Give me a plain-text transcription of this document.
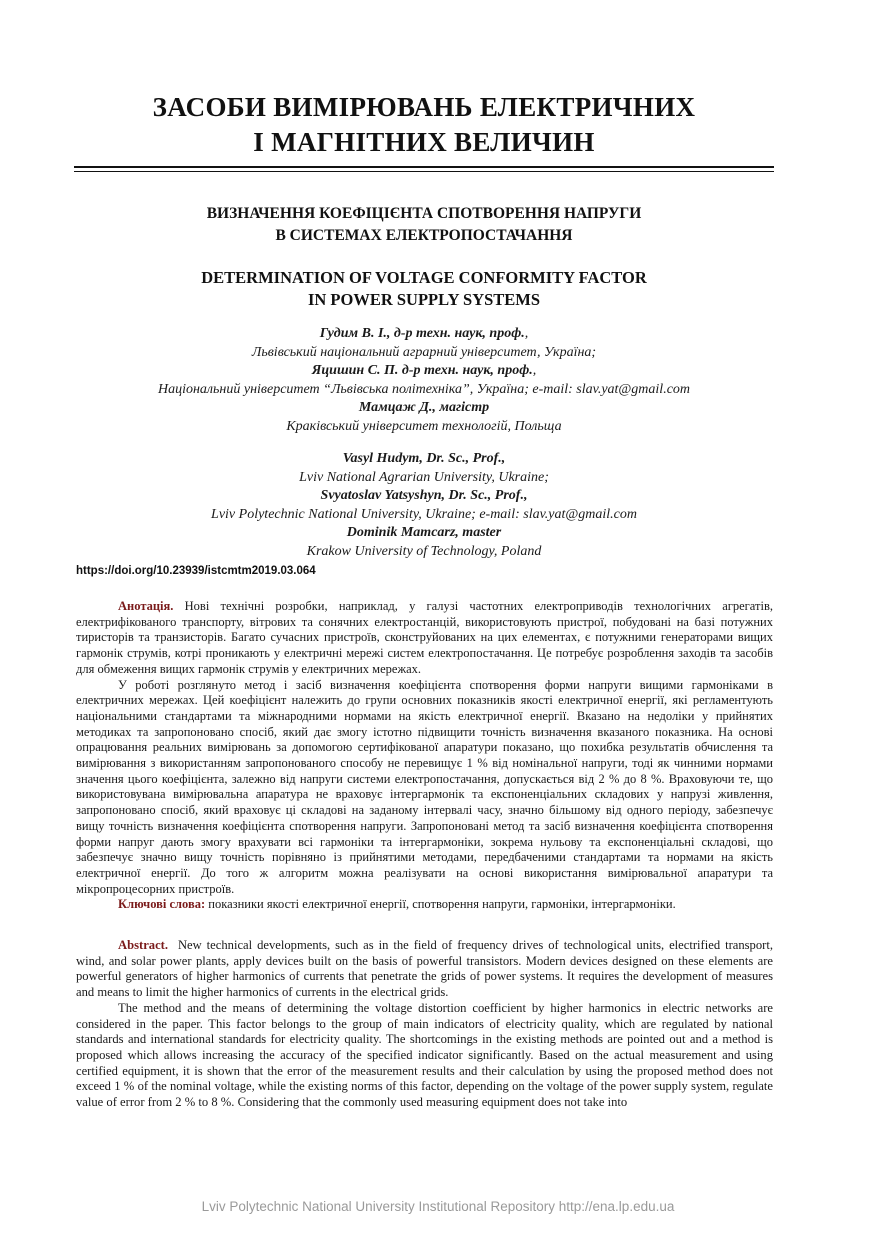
ЗАСОБИ ВИМІРЮВАНЬ ЕЛЕКТРИЧНИХ
І МАГНІТНИХ ВЕЛИЧИН
ВИЗНАЧЕННЯ КОЕФІЦІЄНТА СПОТВОРЕННЯ НАПРУГИ
В СИСТЕМАХ ЕЛЕКТРОПОСТАЧАННЯ
DETERMINATION OF VOLTAGE CONFORMITY FACTOR
IN POWER SUPPLY SYSTEMS
Гудим В. І., д-р техн. наук, проф.,
Львівський національний аграрний університет, Україна;
Яцишин С. П. д-р техн. наук, проф.,
Національний університет “Львівська політехніка”, Україна; e-mail: slav.yat@gmail.com
Мамцаж Д., магістр
Краківський університет технологій, Польща
Vasyl Hudym, Dr. Sc., Prof.,
Lviv National Agrarian University, Ukraine;
Svyatoslav Yatsyshyn, Dr. Sc., Prof.,
Lviv Polytechnic National University, Ukraine; e-mail: slav.yat@gmail.com
Dominik Mamcarz, master
Krakow University of Technology, Poland
https://doi.org/10.23939/istcmtm2019.03.064

Анотація. Нові технічні розробки, наприклад, у галузі частотних електроприводів технологічних агрегатів, електрифікованого транспорту, вітрових та сонячних електростанцій, використовують пристрої, побудовані на базі потужних тиристорів та транзисторів. Багато сучасних пристроїв, сконструйованих на цих елементах, є потужними генераторами вищих гармонік струмів, котрі проникають у електричні мережі систем електропостачання. Це потребує розроблення заходів та засобів для обмеження вищих гармонік струмів у електричних мережах.

У роботі розглянуто метод і засіб визначення коефіцієнта спотворення форми напруги вищими гармоніками в електричних мережах. Цей коефіцієнт належить до групи основних показників якості електричної енергії, які регламентують національними стандартами та міжнародними нормами на якість електричної енергії. Вказано на недоліки у прийнятих методиках та запропоновано спосіб, який дає змогу істотно підвищити точність визначення вказаного показника. На основі опрацювання реальних вимірювань за допомогою сертифікованої апаратури показано, що похибка результатів обчислення та вимірювання з використанням запропонованого способу не перевищує 1 % від номінальної напруги, тоді як чинними нормами значення цього коефіцієнта, залежно від напруги системи електропостачання, допускається від 2 % до 8 %. Враховуючи те, що використовувана вимірювальна апаратура не враховує інтергармонік та експоненціальних складових у напрузі живлення, запропоновано спосіб, який враховує ці складові на заданому інтервалі часу, значно більшому від одного періоду, забезпечує вищу точність визначення коефіцієнта спотворення напруги. Запропоновані метод та засіб визначення коефіцієнта спотворення форми напруг дають змогу врахувати всі гармоніки та інтергармоніки, зокрема нульову та експоненціальні складові, що забезпечує значно вищу точність порівняно із прийнятими методами, передбаченими стандартами та нормами на якість електричної енергії. До того ж алгоритм можна реалізувати на основі використання вимірювальної апаратури та мікропроцесорних пристроїв.

Ключові слова: показники якості електричної енергії, спотворення напруги, гармоніки, інтергармоніки.

Abstract. New technical developments, such as in the field of frequency drives of technological units, electrified transport, wind, and solar power plants, apply devices built on the basis of powerful transistors. Modern devices designed on these elements are powerful generators of higher harmonics of currents that penetrate the grids of power systems. It requires the development of measures and means to limit the higher harmonics of currents in the electrical grids.

The method and the means of determining the voltage distortion coefficient by higher harmonics in electric networks are considered in the paper. This factor belongs to the group of main indicators of electricity quality, which are regulated by national standards and international standards for electricity quality. The shortcomings in the existing methods are pointed out and a method is proposed which allows increasing the accuracy of the specified indicator significantly. Based on the actual measurement and using certified equipment, it is shown that the error of the measurement results and their calculation by using the proposed method does not exceed 1 % of the nominal voltage, while the existing norms of this factor, depending on the voltage of the power supply system, regulate value of error from 2 % to 8 %. Considering that the commonly used measuring equipment does not take into

Lviv Polytechnic National University Institutional Repository http://ena.lp.edu.ua
